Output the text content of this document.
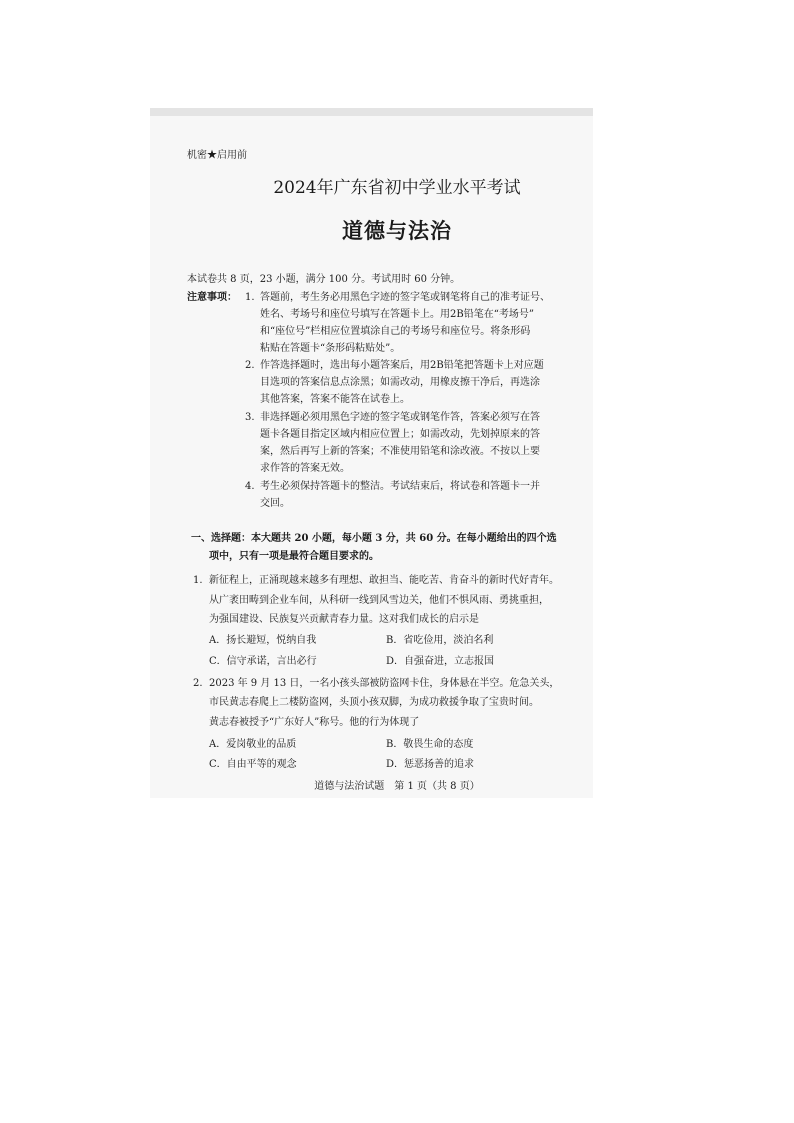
机密★启用前
2024年广东省初中学业水平考试
道德与法治
本试卷共 8 页，23 小题，满分 100 分。考试用时 60 分钟。
注意事项： 1. 答题前，考生务必用黑色字迹的签字笔或钢笔将自己的准考证号、
姓名、考场号和座位号填写在答题卡上。用2B铅笔在“考场号”
和“座位号”栏相应位置填涂自己的考场号和座位号。将条形码
粘贴在答题卡“条形码粘贴处”。
2. 作答选择题时，选出每小题答案后，用2B铅笔把答题卡上对应题
目选项的答案信息点涂黑；如需改动，用橡皮擦干净后，再选涂
其他答案，答案不能答在试卷上。
3. 非选择题必须用黑色字迹的签字笔或钢笔作答，答案必须写在答
题卡各题目指定区域内相应位置上；如需改动，先划掉原来的答
案，然后再写上新的答案；不准使用铅笔和涂改液。不按以上要
求作答的答案无效。
4. 考生必须保持答题卡的整洁。考试结束后，将试卷和答题卡一并
交回。
一、选择题：本大题共 20 小题，每小题 3 分，共 60 分。在每小题给出的四个选
项中，只有一项是最符合题目要求的。
1. 新征程上，正涌现越来越多有理想、敢担当、能吃苦、肯奋斗的新时代好青年。
从广袤田畴到企业车间，从科研一线到风雪边关，他们不惧风雨、勇挑重担，
为强国建设、民族复兴贡献青春力量。这对我们成长的启示是
A．扬长避短，悦纳自我	B．省吃俭用，淡泊名利
C．信守承诺，言出必行	D．自强奋进，立志报国
2. 2023 年 9 月 13 日，一名小孩头部被防盗网卡住，身体悬在半空。危急关头，
市民黄志春爬上二楼防盗网，头顶小孩双脚，为成功救援争取了宝贵时间。
黄志春被授予“广东好人”称号。他的行为体现了
A．爱岗敬业的品质	B．敬畏生命的态度
C．自由平等的观念	D．惩恶扬善的追求
道德与法治试题　第 1 页（共 8 页）
